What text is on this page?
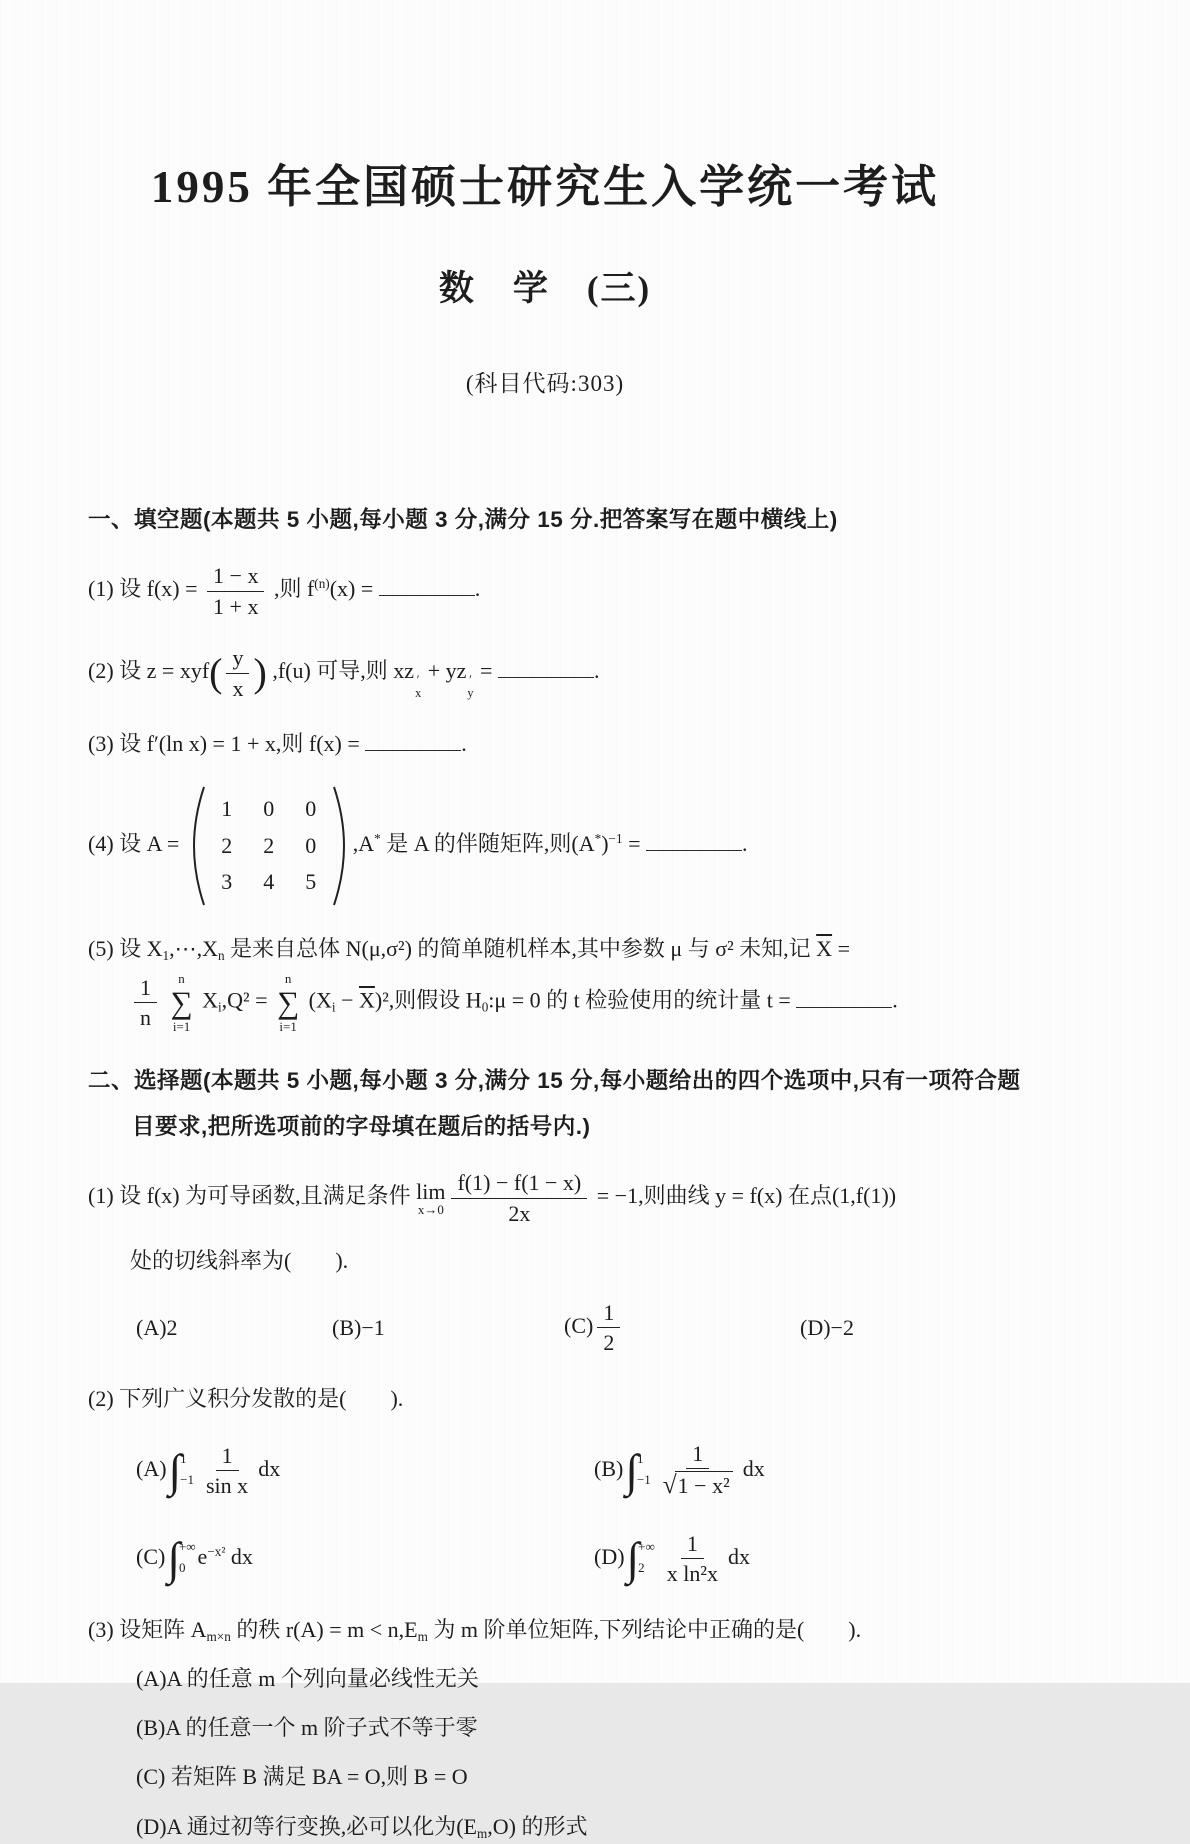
1995 年全国硕士研究生入学统一考试
数　学　(三)
(科目代码:303)
一、填空题(本题共 5 小题,每小题 3 分,满分 15 分.把答案写在题中横线上)
(1) 设 $f(x) = \frac{1 - x}{1 + x}$ ,则 $f^{(n)}(x)$ =	.
(2) 设 $z = xyf( \frac{y}{x}$ ) ,f(u) 可导,则 xz ′
x
+ yz ′
y
=	.
(3) 设 f′(ln x) = 1 + x,则 f(x) =	.
(4) 设 A =
1 0 0
2 2 0
3 4 5
,A* 是 A 的伴随矩阵,则$(A^*)^{-1}$ =	.
(5) 设 $X_1,\cdots,X_n$ 是来自总体 N(μ,σ²) 的简单随机样本,其中参数 μ 与 σ² 未知,记 $\overline{X}$ =
$\frac{1}{n}$
n
∑
i=1
$X_i,Q^2$ =
n
∑
i=1
$(X_i - \overline{X})^2$,则假设 $H_0:\mu = 0$ 的 t 检验使用的统计量 t =	.
二、选择题(本题共 5 小题,每小题 3 分,满分 15 分,每小题给出的四个选项中,只有一项符合题
目要求,把所选项前的字母填在题后的括号内.)
(1) 设 f(x) 为可导函数,且满足条件 lim
$x\to 0 \frac{f(1) - f(1 - x)}{2x} = -1$,则曲线 y = f(x) 在点(1,f(1))
处的切线斜率为(　　).
(A)2	(B)−1	$(C) \frac{1}{2}$	(D)−2
(2) 下列广义积分发散的是(　　).
(A) ∫ 1
$-1 \frac{1}{\text{sin x}}$ dx	(B) ∫ 1
$-1 \frac{1}{\text{√1 − x²}}$ dx
(C) ∫ +∞
0 $e^{-x^2}$ dx	(D) ∫ +∞
$2 \frac{1}{\text{x ln²x}}$ dx
(3) 设矩阵 $A_{m\times n}$ 的秩 $r(A) = m < n,E_m$ 为 m 阶单位矩阵,下列结论中正确的是(　　).
(A)A 的任意 m 个列向量必线性无关
(B)A 的任意一个 m 阶子式不等于零
(C) 若矩阵 B 满足 BA = O,则 B = O
(D)A 通过初等行变换,必可以化为$(E_m,O)$ 的形式
